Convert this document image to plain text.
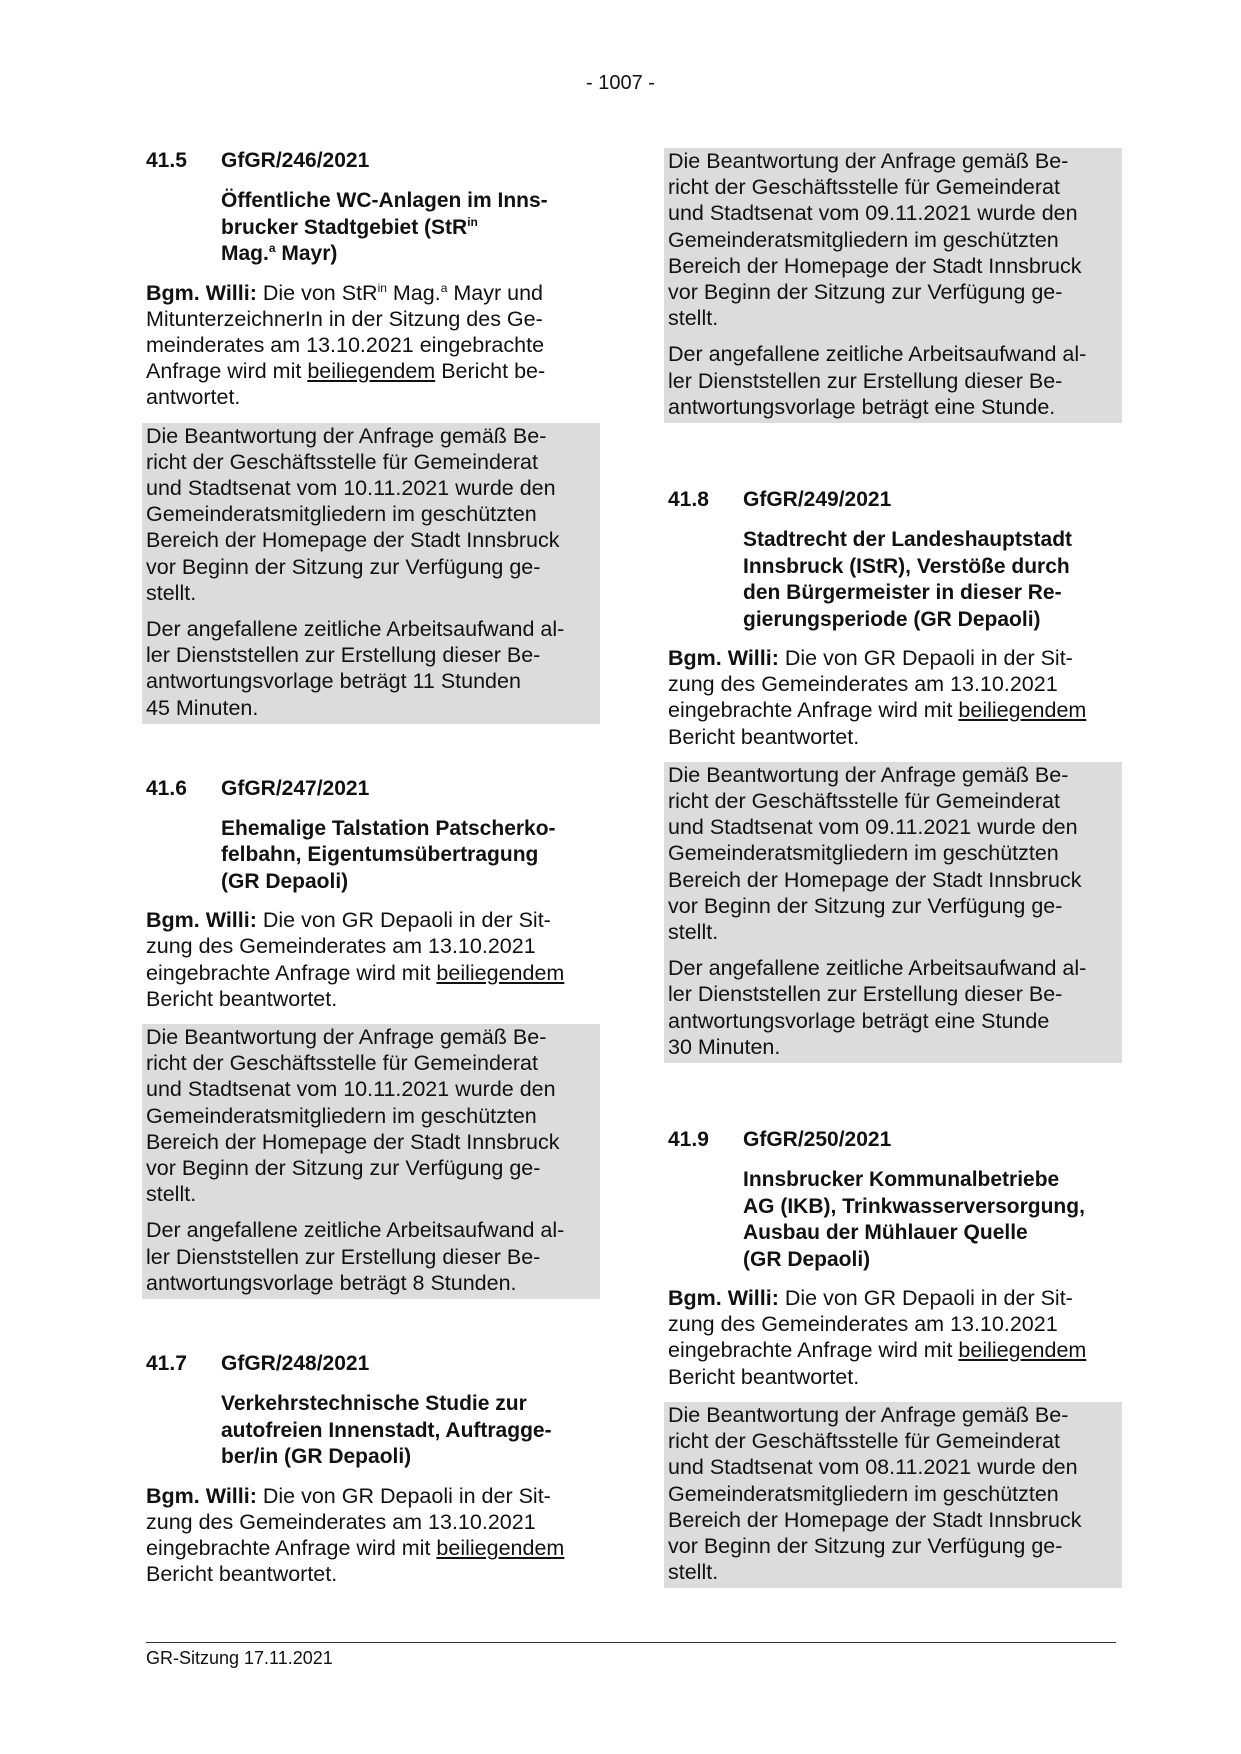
- 1007 -
41.5	GfGR/246/2021
Öffentliche WC-Anlagen im Inns-
brucker Stadtgebiet (StR$^{in}$
Mag.$^a$ Mayr)
Bgm. Willi: Die von StR$^{in}$ Mag.$^a$ Mayr und
MitunterzeichnerIn in der Sitzung des Ge-
meinderates am 13.10.2021 eingebrachte
Anfrage wird mit beiliegendem Bericht be-
antwortet.
Die Beantwortung der Anfrage gemäß Be-
richt der Geschäftsstelle für Gemeinderat
und Stadtsenat vom 10.11.2021 wurde den
Gemeinderatsmitgliedern im geschützten
Bereich der Homepage der Stadt Innsbruck
vor Beginn der Sitzung zur Verfügung ge-
stellt.
Der angefallene zeitliche Arbeitsaufwand al-
ler Dienststellen zur Erstellung dieser Be-
antwortungsvorlage beträgt 11 Stunden
45 Minuten.
41.6	GfGR/247/2021
Ehemalige Talstation Patscherko-
felbahn, Eigentumsübertragung
(GR Depaoli)
Bgm. Willi: Die von GR Depaoli in der Sit-
zung des Gemeinderates am 13.10.2021
eingebrachte Anfrage wird mit beiliegendem
Bericht beantwortet.
Die Beantwortung der Anfrage gemäß Be-
richt der Geschäftsstelle für Gemeinderat
und Stadtsenat vom 10.11.2021 wurde den
Gemeinderatsmitgliedern im geschützten
Bereich der Homepage der Stadt Innsbruck
vor Beginn der Sitzung zur Verfügung ge-
stellt.
Der angefallene zeitliche Arbeitsaufwand al-
ler Dienststellen zur Erstellung dieser Be-
antwortungsvorlage beträgt 8 Stunden.
41.7	GfGR/248/2021
Verkehrstechnische Studie zur
autofreien Innenstadt, Auftragge-
ber/in (GR Depaoli)
Bgm. Willi: Die von GR Depaoli in der Sit-
zung des Gemeinderates am 13.10.2021
eingebrachte Anfrage wird mit beiliegendem
Bericht beantwortet.
Die Beantwortung der Anfrage gemäß Be-
richt der Geschäftsstelle für Gemeinderat
und Stadtsenat vom 09.11.2021 wurde den
Gemeinderatsmitgliedern im geschützten
Bereich der Homepage der Stadt Innsbruck
vor Beginn der Sitzung zur Verfügung ge-
stellt.
Der angefallene zeitliche Arbeitsaufwand al-
ler Dienststellen zur Erstellung dieser Be-
antwortungsvorlage beträgt eine Stunde.
41.8	GfGR/249/2021
Stadtrecht der Landeshauptstadt
Innsbruck (IStR), Verstöße durch
den Bürgermeister in dieser Re-
gierungsperiode (GR Depaoli)
Bgm. Willi: Die von GR Depaoli in der Sit-
zung des Gemeinderates am 13.10.2021
eingebrachte Anfrage wird mit beiliegendem
Bericht beantwortet.
Die Beantwortung der Anfrage gemäß Be-
richt der Geschäftsstelle für Gemeinderat
und Stadtsenat vom 09.11.2021 wurde den
Gemeinderatsmitgliedern im geschützten
Bereich der Homepage der Stadt Innsbruck
vor Beginn der Sitzung zur Verfügung ge-
stellt.
Der angefallene zeitliche Arbeitsaufwand al-
ler Dienststellen zur Erstellung dieser Be-
antwortungsvorlage beträgt eine Stunde
30 Minuten.
41.9	GfGR/250/2021
Innsbrucker Kommunalbetriebe
AG (IKB), Trinkwasserversorgung,
Ausbau der Mühlauer Quelle
(GR Depaoli)
Bgm. Willi: Die von GR Depaoli in der Sit-
zung des Gemeinderates am 13.10.2021
eingebrachte Anfrage wird mit beiliegendem
Bericht beantwortet.
Die Beantwortung der Anfrage gemäß Be-
richt der Geschäftsstelle für Gemeinderat
und Stadtsenat vom 08.11.2021 wurde den
Gemeinderatsmitgliedern im geschützten
Bereich der Homepage der Stadt Innsbruck
vor Beginn der Sitzung zur Verfügung ge-
stellt.
GR-Sitzung 17.11.2021
